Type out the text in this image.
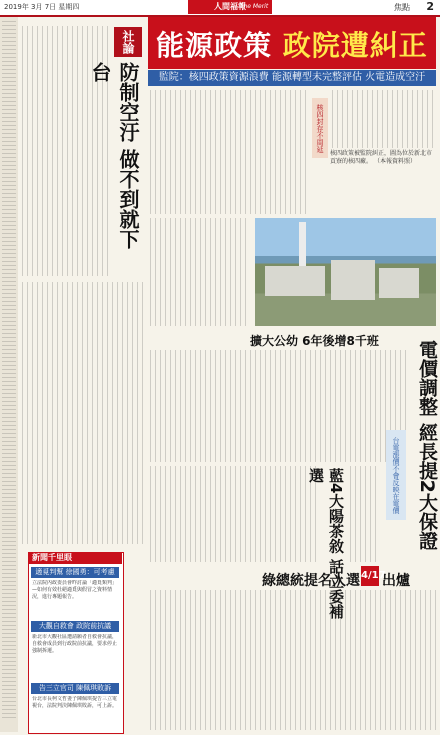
2019年 3月 7日 星期四	人間福報
The Merit	焦點 2
社論
防制空汙 做不到就下台
能源政策 政院遭糾正
監院：核四政策資源浪費 能源轉型未完整評估 火電造成空汙
核四封存不周延
核四政策被監院糾正，圖為位於新北市貢寮的核四廠。 （本報資料照）
擴大公幼 6年後增8千班 電價調整 經長提2大保證
台電漲價不會反映在電價
藍4大陽茶敘 話立委補選
綠總統提名人選 4/17
出爐
適覓判幫 徐國勇：可考慮
立法院內政委員會昨討論「適覓類判」—如何有效杜絕適覓與假冒之資料情況，進行專題報告。
大觀自救會 政院前抗議
新北市大觀社區遭請願者自救會抗議，自救會成員到行政院前抗議，要求停止強制拆遷。
告三立官司 陳佩琪敗訴
台北市長柯文哲妻子陳佩琪提告三立電視台，法院判決陳佩琪敗訴，可上訴。
新聞千里眼
